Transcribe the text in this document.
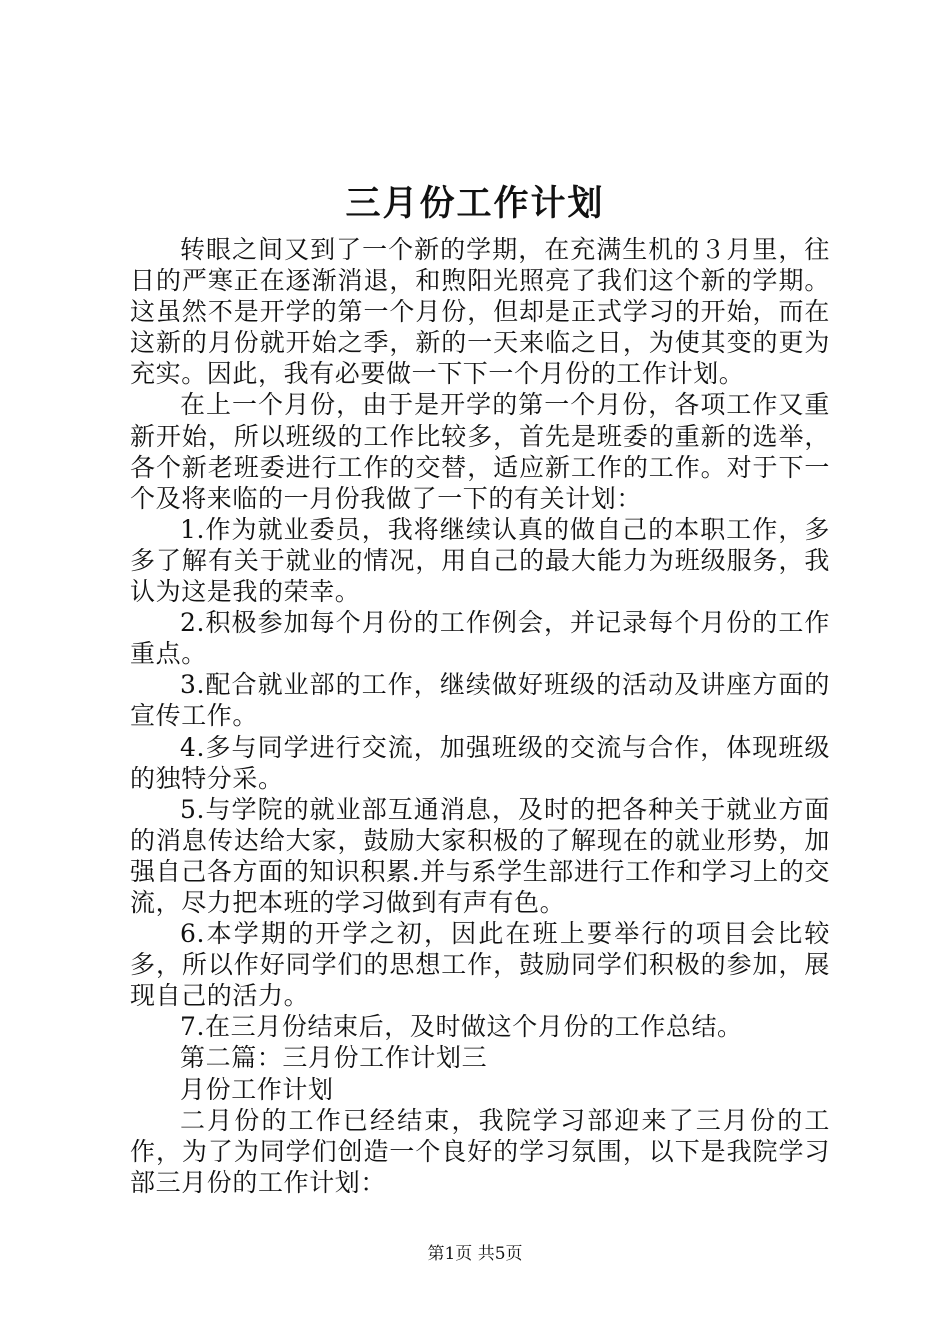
三月份工作计划

转眼之间又到了一个新的学期，在充满生机的３月里，往日的严寒正在逐渐消退，和煦阳光照亮了我们这个新的学期。这虽然不是开学的第一个月份，但却是正式学习的开始，而在这新的月份就开始之季，新的一天来临之日，为使其变的更为充实。因此，我有必要做一下下一个月份的工作计划。

在上一个月份，由于是开学的第一个月份，各项工作又重新开始，所以班级的工作比较多，首先是班委的重新的选举，各个新老班委进行工作的交替，适应新工作的工作。对于下一个及将来临的一月份我做了一下的有关计划：

1.作为就业委员，我将继续认真的做自己的本职工作，多多了解有关于就业的情况，用自己的最大能力为班级服务，我认为这是我的荣幸。

2.积极参加每个月份的工作例会，并记录每个月份的工作重点。

3.配合就业部的工作，继续做好班级的活动及讲座方面的宣传工作。

4.多与同学进行交流，加强班级的交流与合作，体现班级的独特分采。

5.与学院的就业部互通消息，及时的把各种关于就业方面的消息传达给大家，鼓励大家积极的了解现在的就业形势，加强自己各方面的知识积累.并与系学生部进行工作和学习上的交流，尽力把本班的学习做到有声有色。

6.本学期的开学之初，因此在班上要举行的项目会比较多，所以作好同学们的思想工作，鼓励同学们积极的参加，展现自己的活力。

7.在三月份结束后，及时做这个月份的工作总结。

第二篇：三月份工作计划三

月份工作计划

二月份的工作已经结束，我院学习部迎来了三月份的工作，为了为同学们创造一个良好的学习氛围，以下是我院学习部三月份的工作计划：

第1页 共5页
